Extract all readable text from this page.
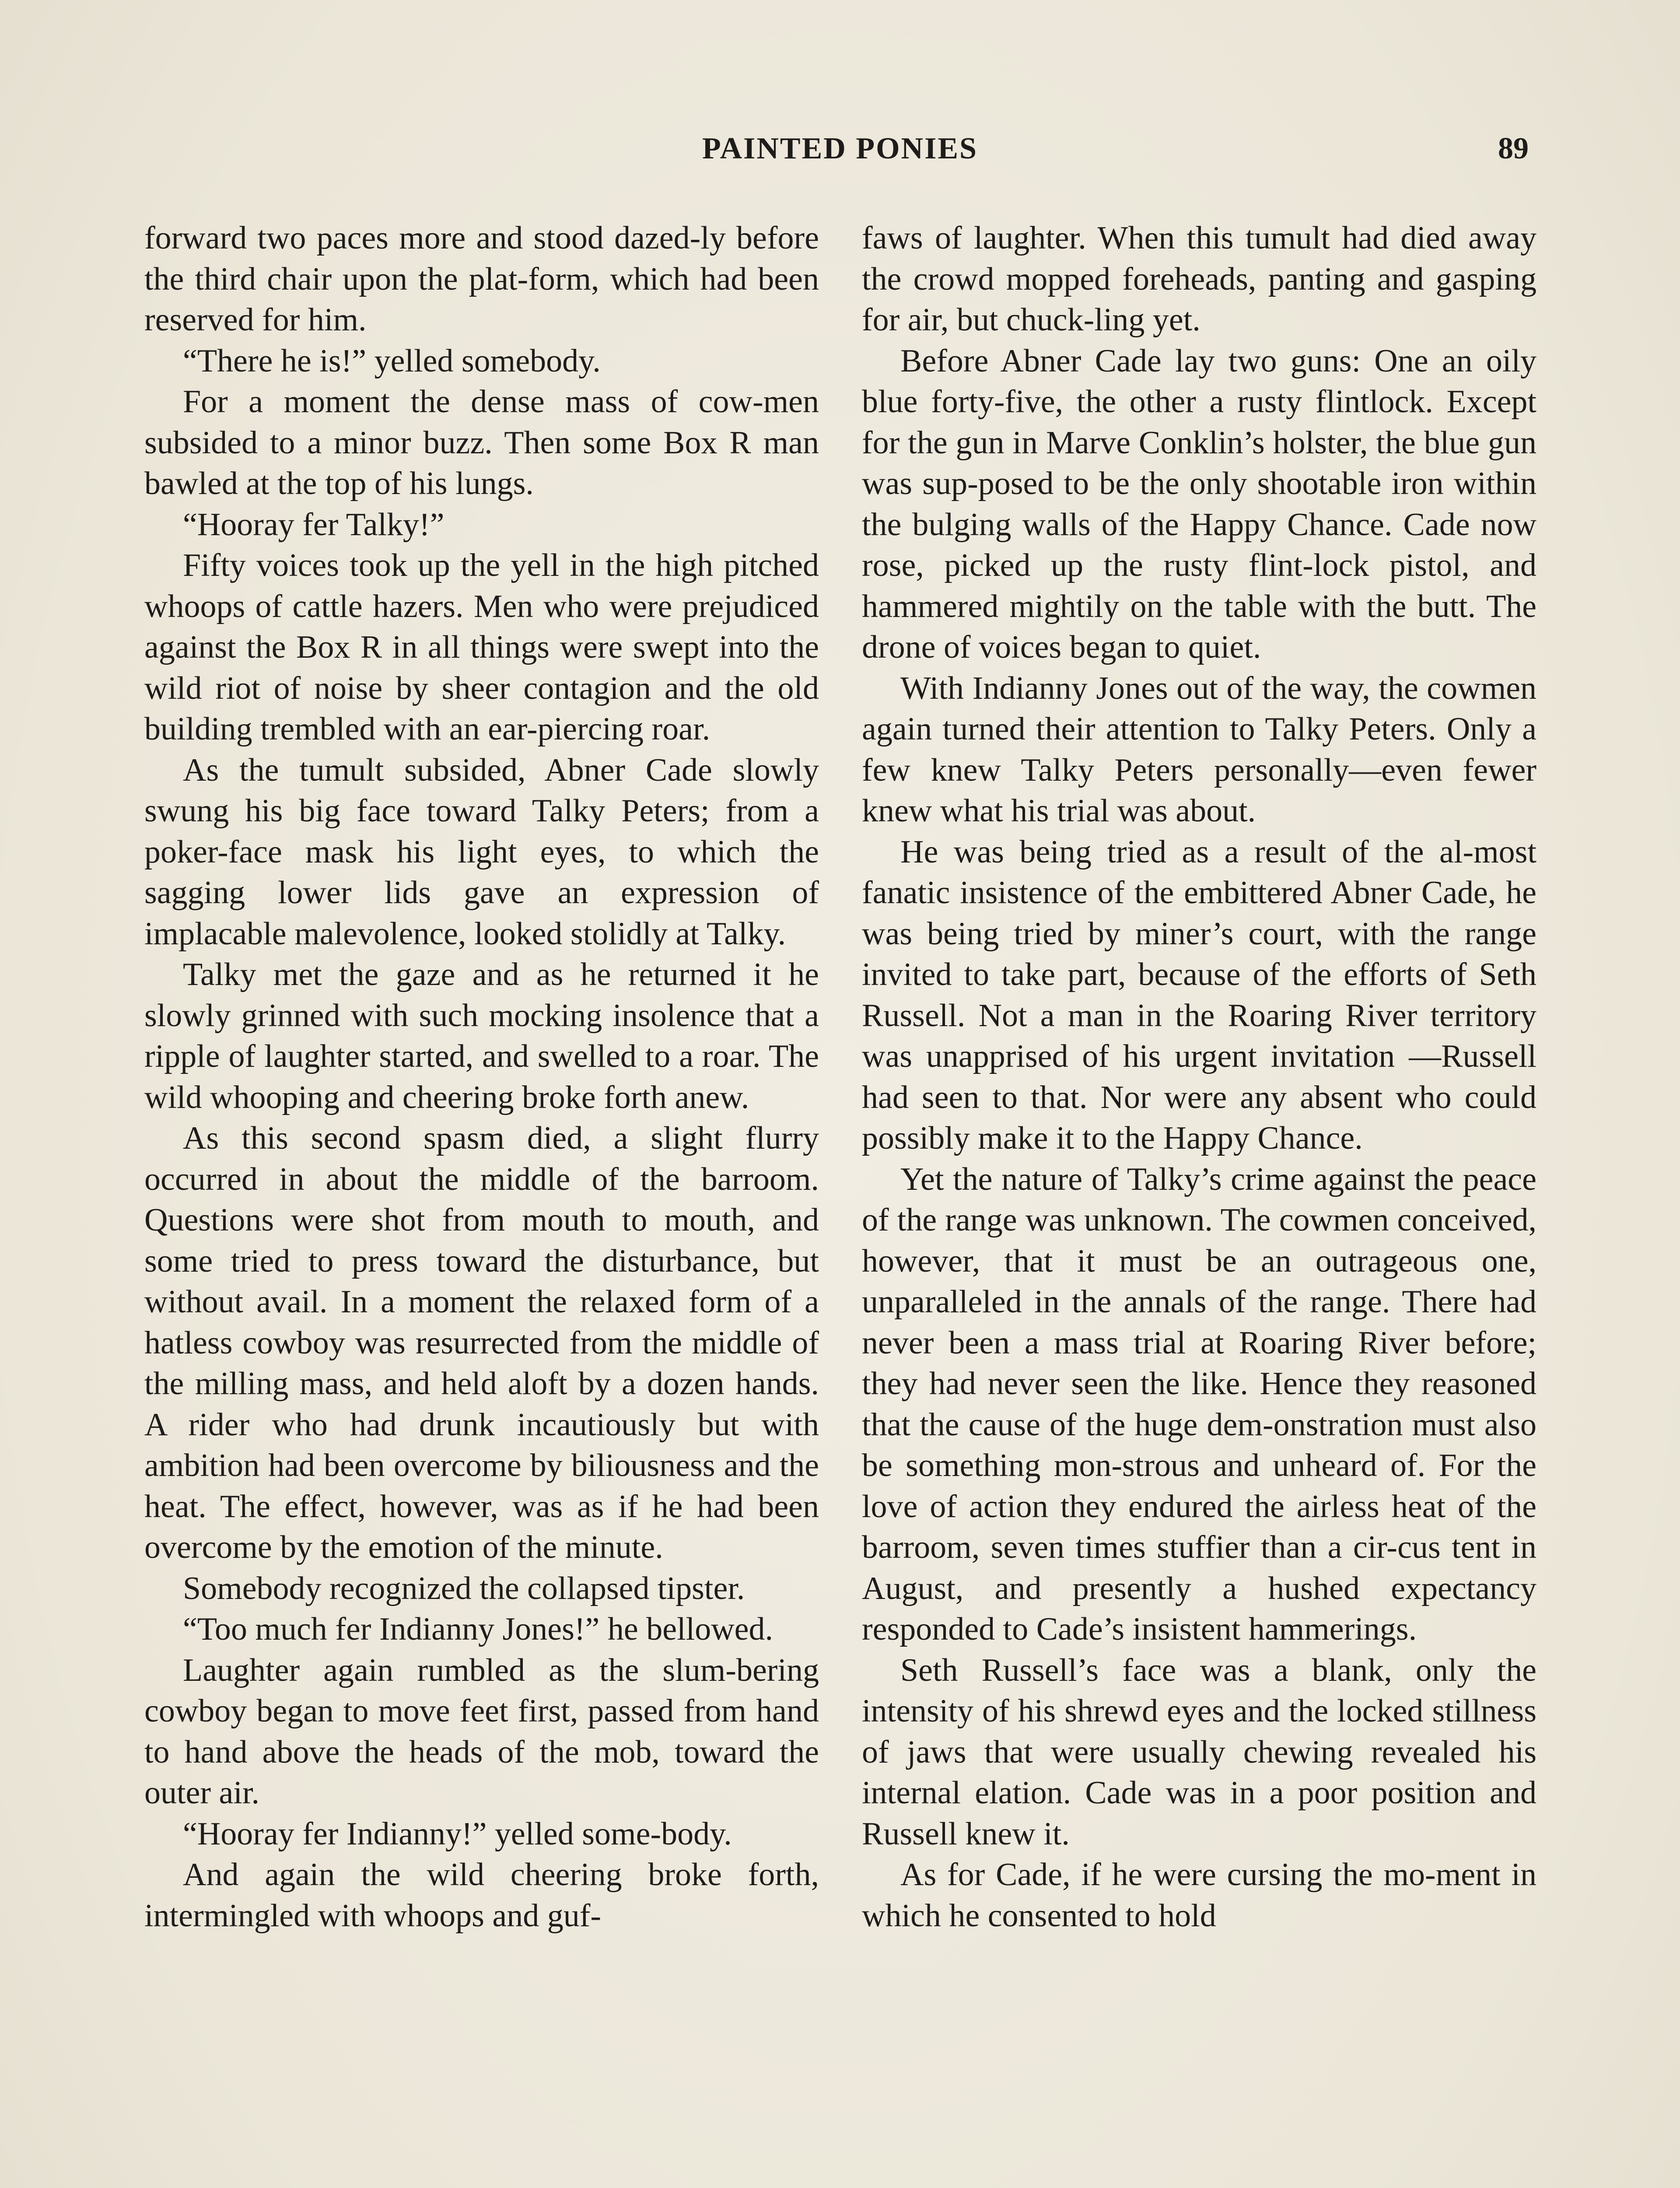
PAINTED PONIES	89

forward two paces more and stood dazed-ly before the third chair upon the plat-form, which had been reserved for him.

“There he is!” yelled somebody.

For a moment the dense mass of cow-men subsided to a minor buzz. Then some Box R man bawled at the top of his lungs.

“Hooray fer Talky!”

Fifty voices took up the yell in the high pitched whoops of cattle hazers. Men who were prejudiced against the Box R in all things were swept into the wild riot of noise by sheer contagion and the old building trembled with an ear-piercing roar.

As the tumult subsided, Abner Cade slowly swung his big face toward Talky Peters; from a poker-face mask his light eyes, to which the sagging lower lids gave an expression of implacable malevolence, looked stolidly at Talky.

Talky met the gaze and as he returned it he slowly grinned with such mocking insolence that a ripple of laughter started, and swelled to a roar. The wild whooping and cheering broke forth anew.

As this second spasm died, a slight flurry occurred in about the middle of the barroom. Questions were shot from mouth to mouth, and some tried to press toward the disturbance, but without avail. In a moment the relaxed form of a hatless cowboy was resurrected from the middle of the milling mass, and held aloft by a dozen hands. A rider who had drunk incautiously but with ambition had been overcome by biliousness and the heat. The effect, however, was as if he had been overcome by the emotion of the minute.

Somebody recognized the collapsed tipster.

“Too much fer Indianny Jones!” he bellowed.

Laughter again rumbled as the slum-bering cowboy began to move feet first, passed from hand to hand above the heads of the mob, toward the outer air.

“Hooray fer Indianny!” yelled some-body.

And again the wild cheering broke forth, intermingled with whoops and guf-

faws of laughter. When this tumult had died away the crowd mopped foreheads, panting and gasping for air, but chuck-ling yet.

Before Abner Cade lay two guns: One an oily blue forty-five, the other a rusty flintlock. Except for the gun in Marve Conklin’s holster, the blue gun was sup-posed to be the only shootable iron within the bulging walls of the Happy Chance. Cade now rose, picked up the rusty flint-lock pistol, and hammered mightily on the table with the butt. The drone of voices began to quiet.

With Indianny Jones out of the way, the cowmen again turned their attention to Talky Peters. Only a few knew Talky Peters personally—even fewer knew what his trial was about.

He was being tried as a result of the al-most fanatic insistence of the embittered Abner Cade, he was being tried by miner’s court, with the range invited to take part, because of the efforts of Seth Russell. Not a man in the Roaring River territory was unapprised of his urgent invitation —Russell had seen to that. Nor were any absent who could possibly make it to the Happy Chance.

Yet the nature of Talky’s crime against the peace of the range was unknown. The cowmen conceived, however, that it must be an outrageous one, unparalleled in the annals of the range. There had never been a mass trial at Roaring River before; they had never seen the like. Hence they reasoned that the cause of the huge dem-onstration must also be something mon-strous and unheard of. For the love of action they endured the airless heat of the barroom, seven times stuffier than a cir-cus tent in August, and presently a hushed expectancy responded to Cade’s insistent hammerings.

Seth Russell’s face was a blank, only the intensity of his shrewd eyes and the locked stillness of jaws that were usually chewing revealed his internal elation. Cade was in a poor position and Russell knew it.

As for Cade, if he were cursing the mo-ment in which he consented to hold
